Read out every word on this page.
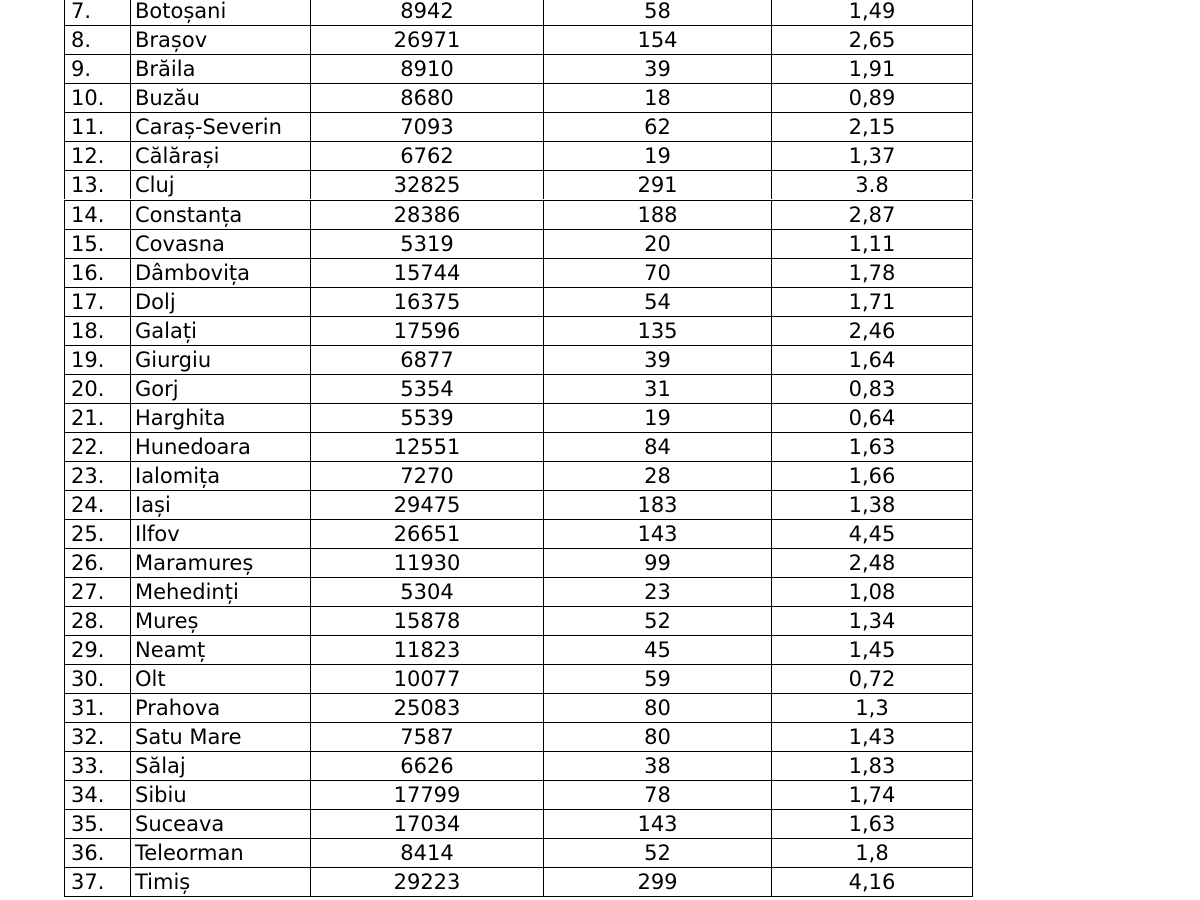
7.	Botoșani	8942	58	1,49
8.	Brașov	26971	154	2,65
9.	Brăila	8910	39	1,91
10.	Buzău	8680	18	0,89
11.	Caraș-Severin	7093	62	2,15
12.	Călărași	6762	19	1,37
13.	Cluj	32825	291	3.8
14.	Constanța	28386	188	2,87
15.	Covasna	5319	20	1,11
16.	Dâmbovița	15744	70	1,78
17.	Dolj	16375	54	1,71
18.	Galați	17596	135	2,46
19.	Giurgiu	6877	39	1,64
20.	Gorj	5354	31	0,83
21.	Harghita	5539	19	0,64
22.	Hunedoara	12551	84	1,63
23.	Ialomița	7270	28	1,66
24.	Iași	29475	183	1,38
25.	Ilfov	26651	143	4,45
26.	Maramureș	11930	99	2,48
27.	Mehedinți	5304	23	1,08
28.	Mureș	15878	52	1,34
29.	Neamț	11823	45	1,45
30.	Olt	10077	59	0,72
31.	Prahova	25083	80	1,3
32.	Satu Mare	7587	80	1,43
33.	Sălaj	6626	38	1,83
34.	Sibiu	17799	78	1,74
35.	Suceava	17034	143	1,63
36.	Teleorman	8414	52	1,8
37.	Timiș	29223	299	4,16
